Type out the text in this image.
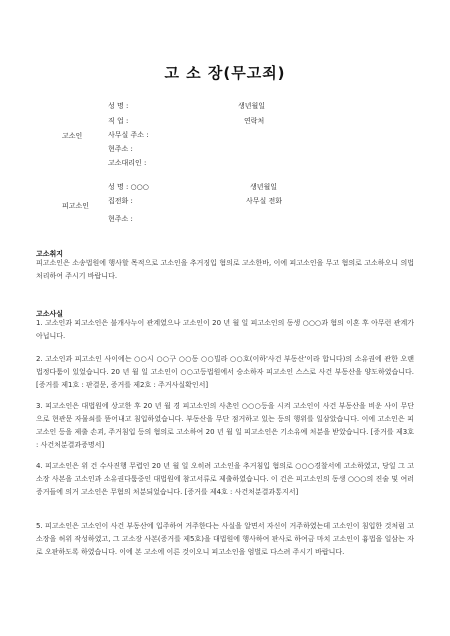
고 소 장(무고죄)
고소인
성 명 :	생년월일
직 업 :	연락처
사무실 주소 :
현주소 :
고소대리인 :
피고소인
성 명 : ○○○	생년월일
집전화 :	사무실 전화
현주소 :
고소취지
피고소인은 소송법원에 행사할 목적으로 고소인을 추거징입 혐의로 고소한바, 이에 피고소인을 무고 혐의로 고소하오니 의법 처리하여 주시기 바랍니다.
고소사실
1. 고소인과 피고소인은 불개사누이 관계였으나 고소인이 20 년 월 일 피고소인의 동생 ○○○과 혐의 이혼 후 아무런 관계가 아닙니다.
2. 고소인과 피고소인 사이에는 ○○시 ○○구 ○○동 ○○빌라 ○○호(이하'사건 부동산'이라 합니다)의 소유권에 관한 오랜 법정다툼이 있었습니다. 20 년 월 일 고소인이 ○○고등법원에서 승소하자 피고소인 스스로 사건 부동산을 양도하였습니다. [증거를 제1호 : 판결문, 증거를 제2호 : 주거사실확인서]
3. 피고소인은 대법원에 상고한 후 20 년 월 경 피고소인의 사촌인 ○○○등을 시켜 고소인이 사건 부동산을 비운 사이 무단으로 현관문 자물쇠를 뜯어내고 침입하였습니다. 부동산을 무단 점거하고 있는 등의 행위를 일삼았습니다. 이에 고소인은 피고소인 등을 제출 손괴, 주거침입 등의 혐의로 고소하여 20 년 월 일 피고소인은 기소유예 처분을 받았습니다. [증거를 제3호 : 사건처분결과증명서]
4. 피고소인은 위 건 수사진행 무렵인 20 년 월 일 오히려 고소인을 추거침입 혐의로 ○○○경찰서에 고소하였고, 당일 그 고소장 사본을 고소인과 소유권다툼중인 대법원에 참고서류로 제출하였습니다. 이 건은 피고소인의 동생 ○○○의 진술 및 여러 증거들에 의거 고소인은 무혐의 처분되었습니다. [증거를 제4호 : 사건처분결과통지서]
5. 피고소인은 고소인이 사건 부동산에 입주하여 거주한다는 사실을 알면서 자신이 거주하였는데 고소인이 침입한 것처럼 고소장을 허위 작성하였고, 그 고소장 사본(증거를 제5호)을 대법원에 행사하여 판사로 하여금 마치 고소인이 흉법을 일삼는 자로 오판하도록 하였습니다. 이에 본 고소에 이른 것이오니 피고소인을 엄벌로 다스려 주시기 바랍니다.
